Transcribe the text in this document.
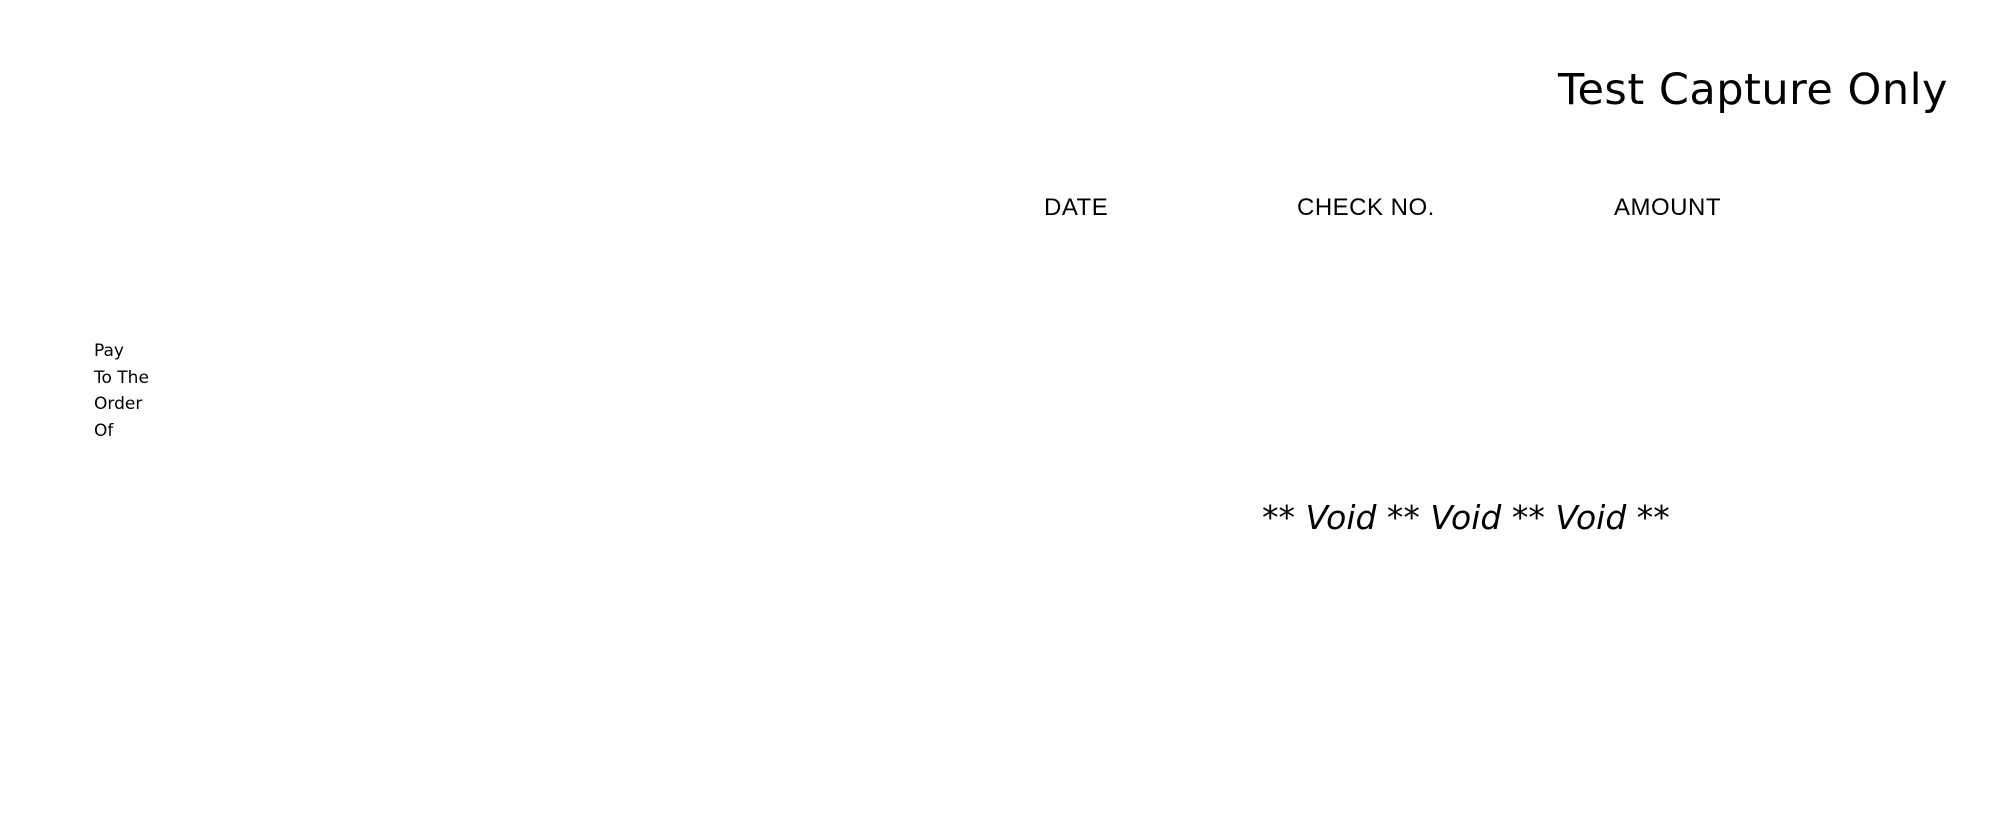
Test Capture Only
DATE	CHECK NO.	AMOUNT
Pay
To The
Order
Of
** Void ** Void ** Void **
